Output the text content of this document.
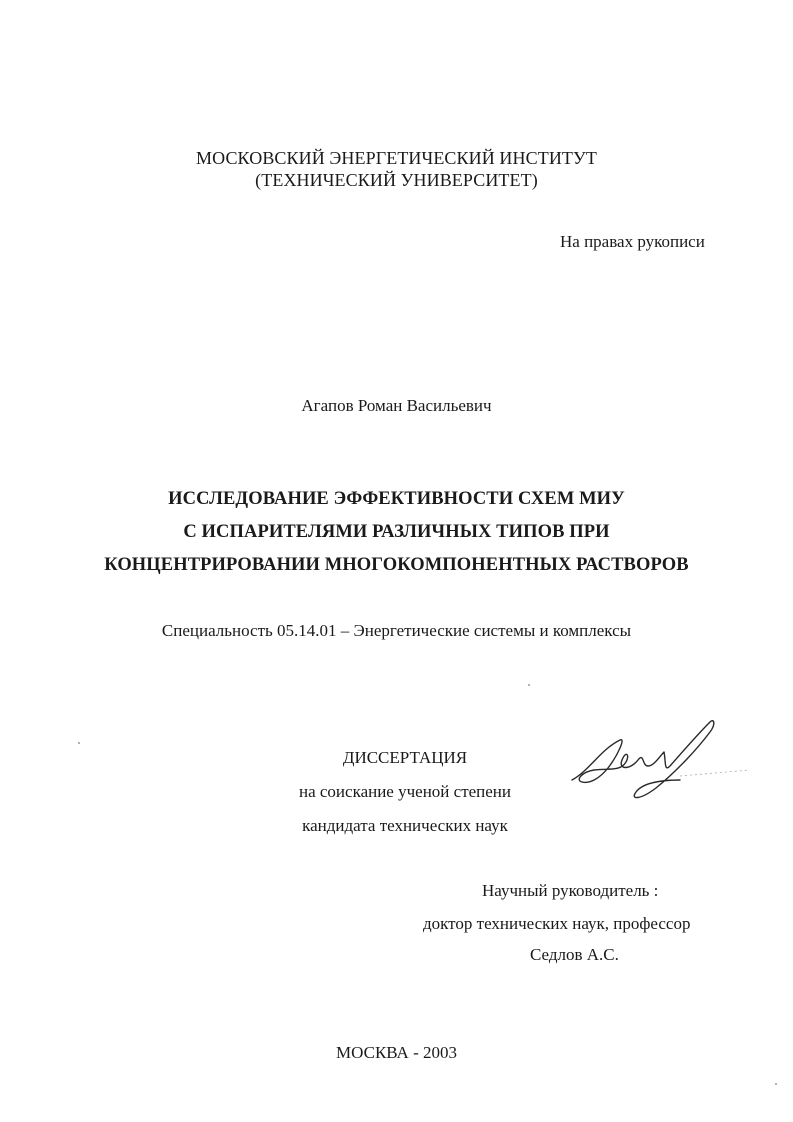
МОСКОВСКИЙ ЭНЕРГЕТИЧЕСКИЙ ИНСТИТУТ
(ТЕХНИЧЕСКИЙ УНИВЕРСИТЕТ)
На правах рукописи
Агапов Роман Васильевич
ИССЛЕДОВАНИЕ ЭФФЕКТИВНОСТИ СХЕМ МИУ
С ИСПАРИТЕЛЯМИ РАЗЛИЧНЫХ ТИПОВ ПРИ
КОНЦЕНТРИРОВАНИИ МНОГОКОМПОНЕНТНЫХ РАСТВОРОВ
Специальность 05.14.01 – Энергетические системы и комплексы
ДИССЕРТАЦИЯ
на соискание ученой степени
кандидата технических наук
Научный руководитель :
доктор технических наук, профессор
Седлов А.С.
МОСКВА - 2003
